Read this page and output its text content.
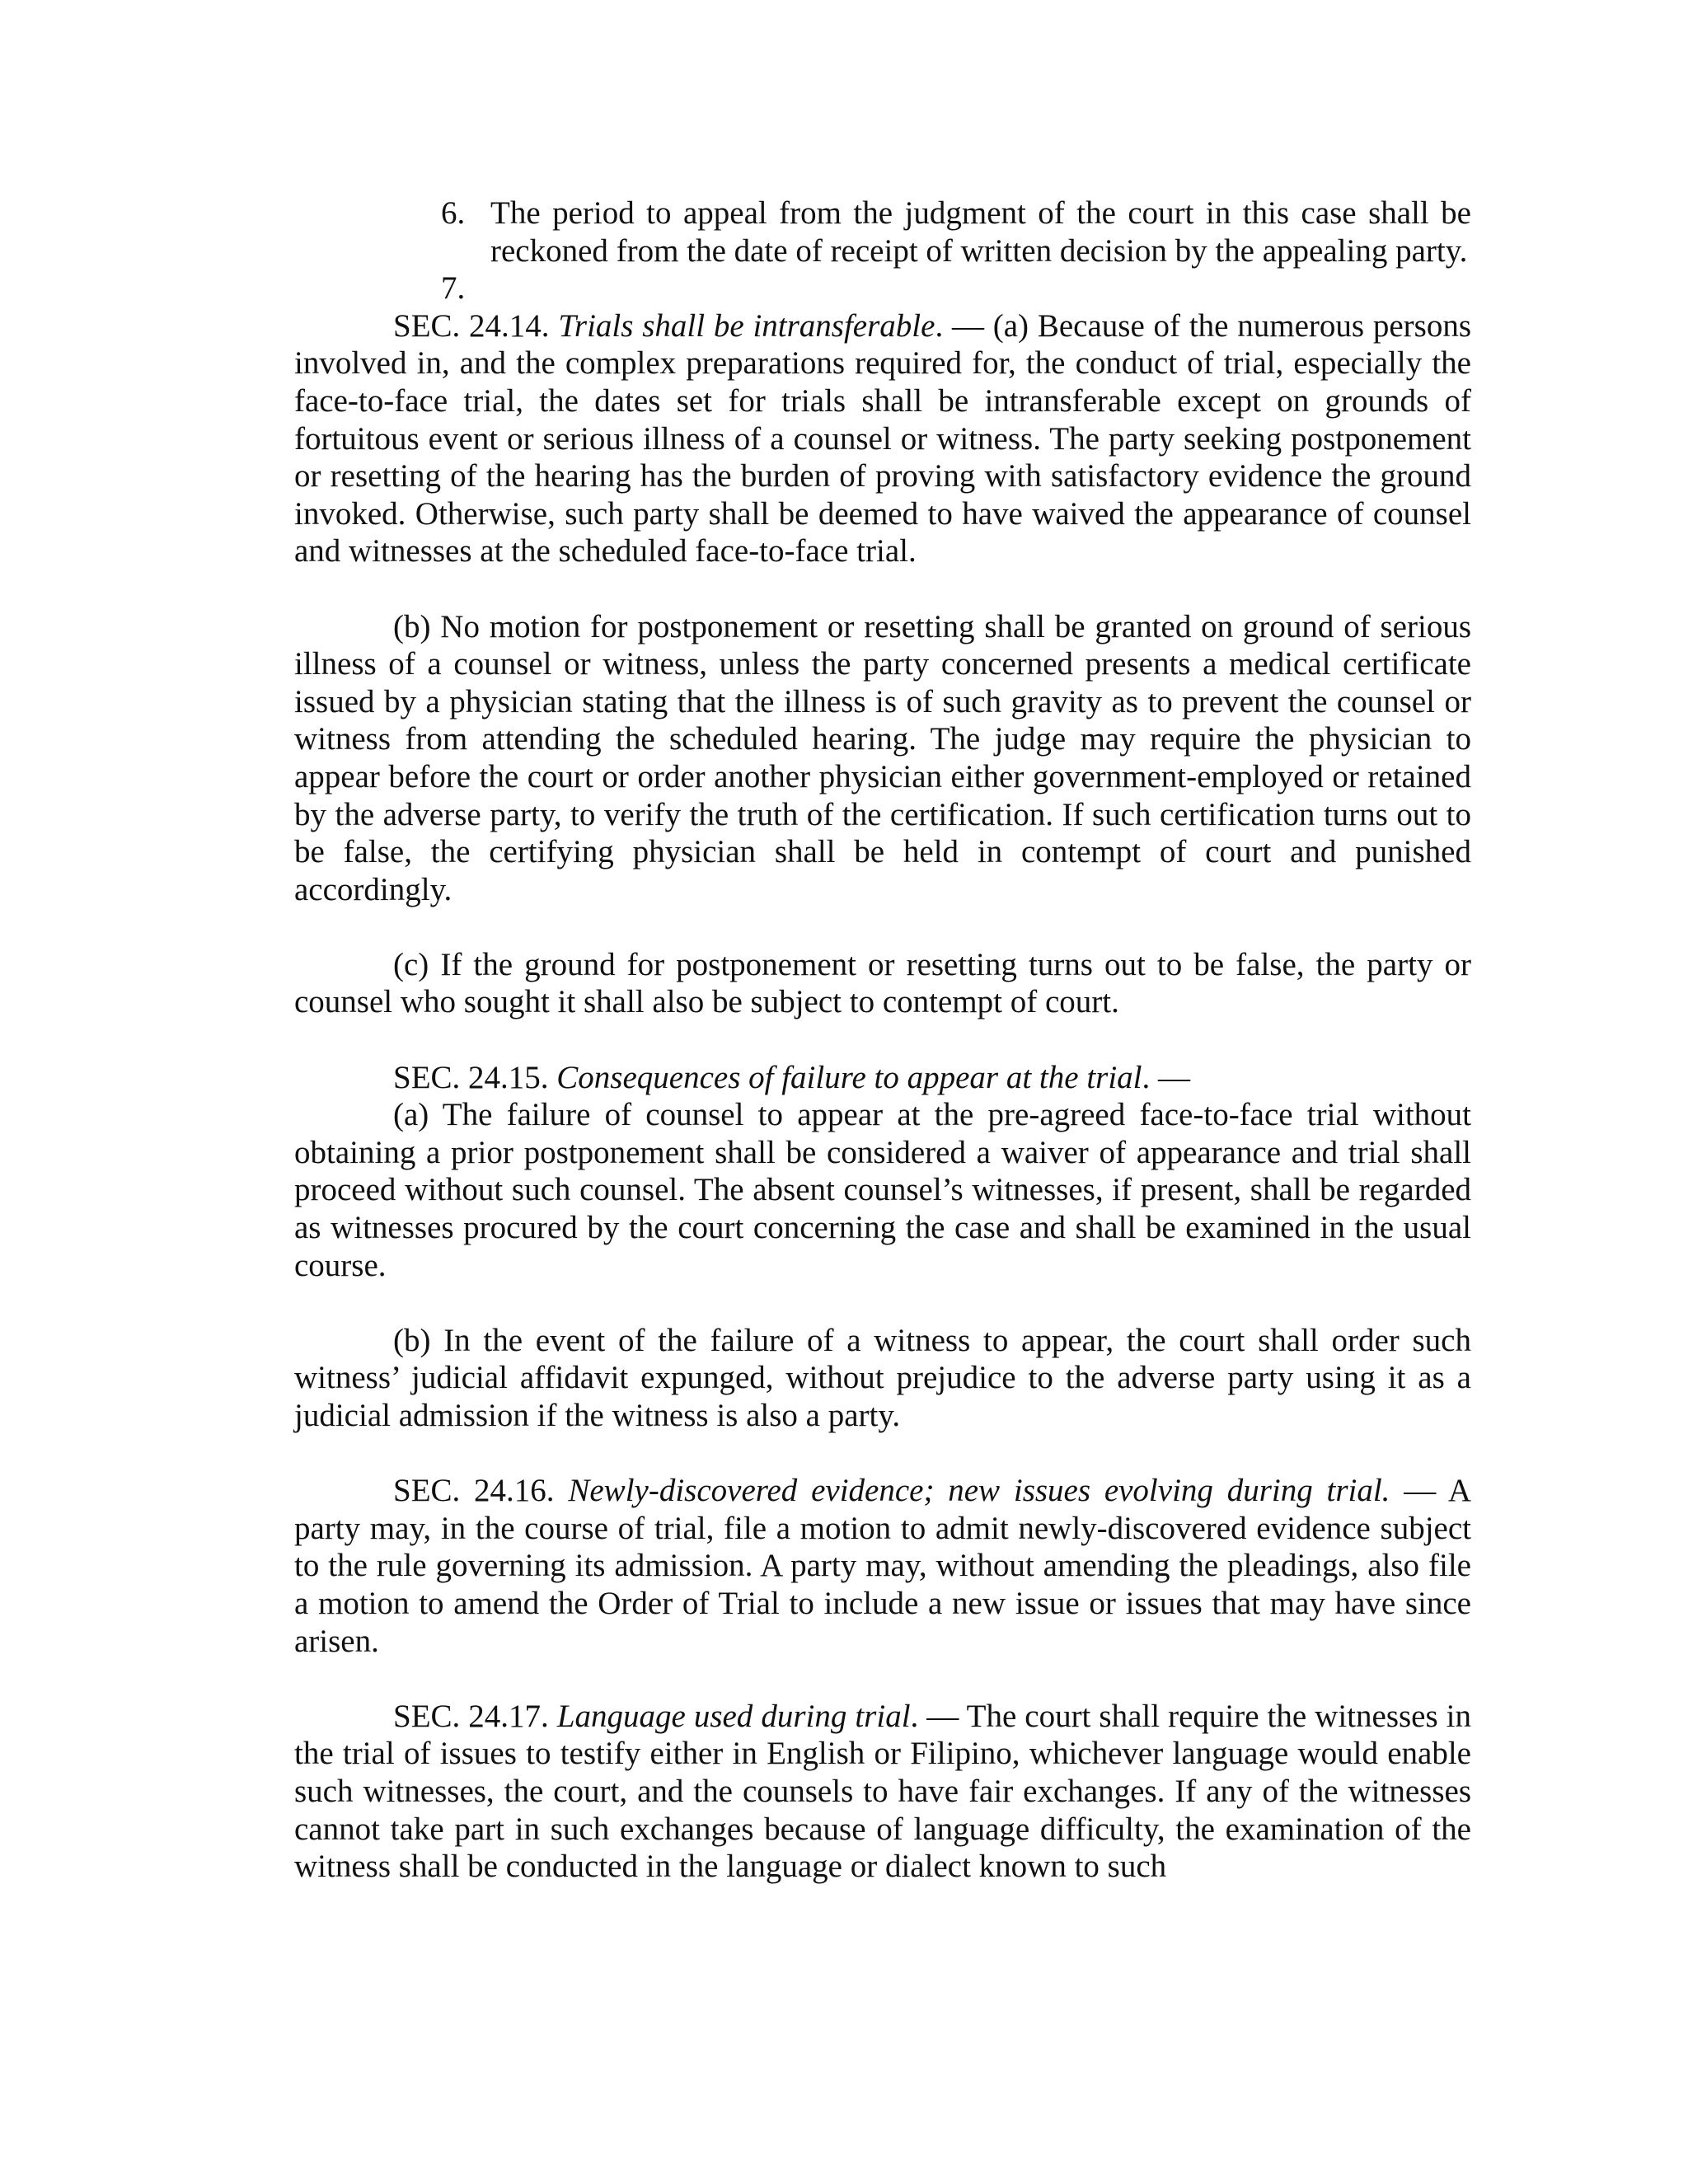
6. The period to appeal from the judgment of the court in this case shall be reckoned from the date of receipt of written decision by the appealing party.
7.

SEC. 24.14. Trials shall be intransferable. — (a) Because of the numerous persons involved in, and the complex preparations required for, the conduct of trial, especially the face-to-face trial, the dates set for trials shall be intransferable except on grounds of fortuitous event or serious illness of a counsel or witness. The party seeking postponement or resetting of the hearing has the burden of proving with satisfactory evidence the ground invoked. Otherwise, such party shall be deemed to have waived the appearance of counsel and witnesses at the scheduled face-to-face trial.

(b) No motion for postponement or resetting shall be granted on ground of serious illness of a counsel or witness, unless the party concerned presents a medical certificate issued by a physician stating that the illness is of such gravity as to prevent the counsel or witness from attending the scheduled hearing. The judge may require the physician to appear before the court or order another physician either government-employed or retained by the adverse party, to verify the truth of the certification. If such certification turns out to be false, the certifying physician shall be held in contempt of court and punished accordingly.

(c) If the ground for postponement or resetting turns out to be false, the party or counsel who sought it shall also be subject to contempt of court.

SEC. 24.15. Consequences of failure to appear at the trial. —

(a) The failure of counsel to appear at the pre-agreed face-to-face trial without obtaining a prior postponement shall be considered a waiver of appearance and trial shall proceed without such counsel. The absent counsel’s witnesses, if present, shall be regarded as witnesses procured by the court concerning the case and shall be examined in the usual course.

(b) In the event of the failure of a witness to appear, the court shall order such witness’ judicial affidavit expunged, without prejudice to the adverse party using it as a judicial admission if the witness is also a party.

SEC. 24.16. Newly-discovered evidence; new issues evolving during trial. — A party may, in the course of trial, file a motion to admit newly-discovered evidence subject to the rule governing its admission. A party may, without amending the pleadings, also file a motion to amend the Order of Trial to include a new issue or issues that may have since arisen.

SEC. 24.17. Language used during trial. — The court shall require the witnesses in the trial of issues to testify either in English or Filipino, whichever language would enable such witnesses, the court, and the counsels to have fair exchanges. If any of the witnesses cannot take part in such exchanges because of language difficulty, the examination of the witness shall be conducted in the language or dialect known to such
